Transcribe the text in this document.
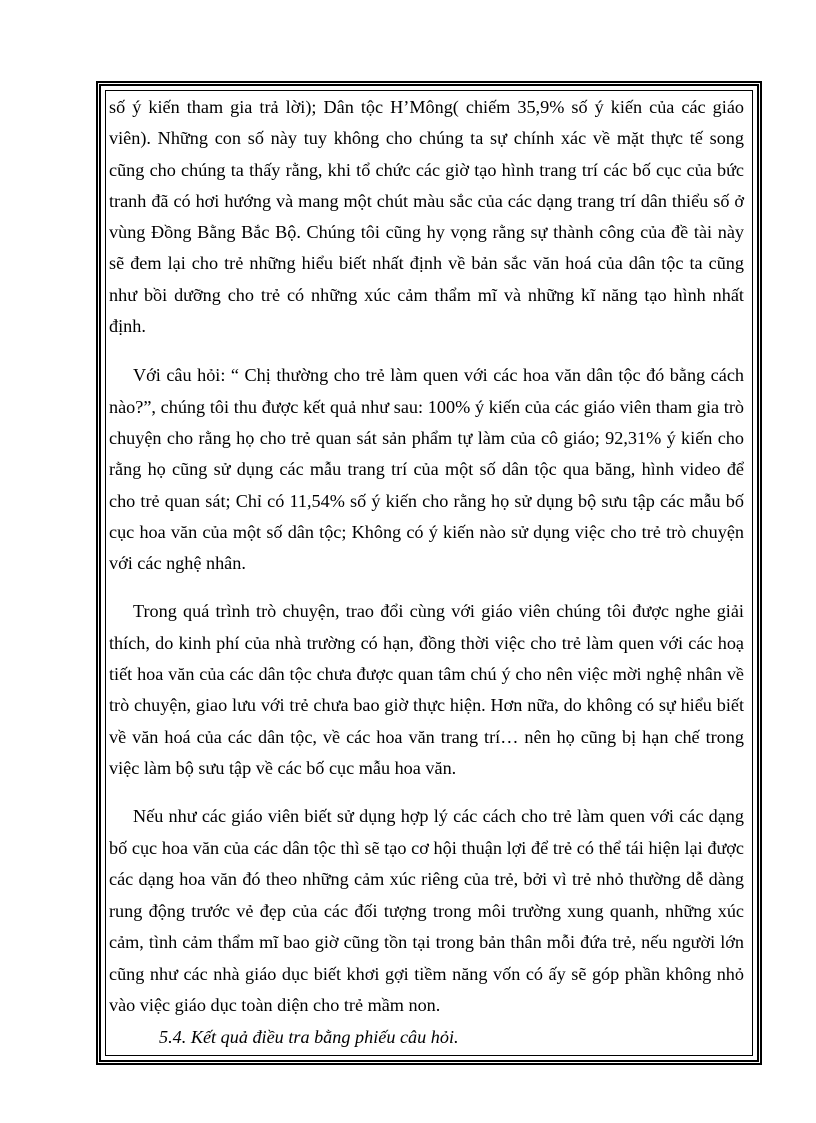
số ý kiến tham gia trả lời); Dân tộc H’Mông( chiếm 35,9% số ý kiến của các giáo viên). Những con số này tuy không cho chúng ta sự chính xác về mặt thực tế song cũng cho chúng ta thấy rằng, khi tổ chức các giờ tạo hình trang trí các bố cục của bức tranh đã có hơi hướng và mang một chút màu sắc của các dạng trang trí dân thiểu số ở vùng Đồng Bằng Bắc Bộ. Chúng tôi cũng hy vọng rằng sự thành công của đề tài này sẽ đem lại cho trẻ những hiểu biết nhất định về bản sắc văn hoá của dân tộc ta cũng như bồi dưỡng cho trẻ có những xúc cảm thẩm mĩ và những kĩ năng tạo hình nhất định.

Với câu hỏi: “ Chị thường cho trẻ làm quen với các hoa văn dân tộc đó bằng cách nào?”, chúng tôi thu được kết quả như sau: 100% ý kiến của các giáo viên tham gia trò chuyện cho rằng họ cho trẻ quan sát sản phẩm tự làm của cô giáo; 92,31% ý kiến cho rằng họ cũng sử dụng các mẫu trang trí của một số dân tộc qua băng, hình video để cho trẻ quan sát; Chỉ có 11,54% số ý kiến cho rằng họ sử dụng bộ sưu tập các mẫu bố cục hoa văn của một số dân tộc; Không có ý kiến nào sử dụng việc cho trẻ trò chuyện với các nghệ nhân.

Trong quá trình trò chuyện, trao đổi cùng với giáo viên chúng tôi được nghe giải thích, do kinh phí của nhà trường có hạn, đồng thời việc cho trẻ làm quen với các hoạ tiết hoa văn của các dân tộc chưa được quan tâm chú ý cho nên việc mời nghệ nhân về trò chuyện, giao lưu với trẻ chưa bao giờ thực hiện. Hơn nữa, do không có sự hiểu biết về văn hoá của các dân tộc, về các hoa văn trang trí… nên họ cũng bị hạn chế trong việc làm bộ sưu tập về các bố cục mẫu hoa văn.

Nếu như các giáo viên biết sử dụng hợp lý các cách cho trẻ làm quen với các dạng bố cục hoa văn của các dân tộc thì sẽ tạo cơ hội thuận lợi để trẻ có thể tái hiện lại được các dạng hoa văn đó theo những cảm xúc riêng của trẻ, bởi vì trẻ nhỏ thường dễ dàng rung động trước vẻ đẹp của các đối tượng trong môi trường xung quanh, những xúc cảm, tình cảm thẩm mĩ bao giờ cũng tồn tại trong bản thân mỗi đứa trẻ, nếu người lớn cũng như các nhà giáo dục biết khơi gợi tiềm năng vốn có ấy sẽ góp phần không nhỏ vào việc giáo dục toàn diện cho trẻ mầm non.

5.4. Kết quả điều tra bằng phiếu câu hỏi.
